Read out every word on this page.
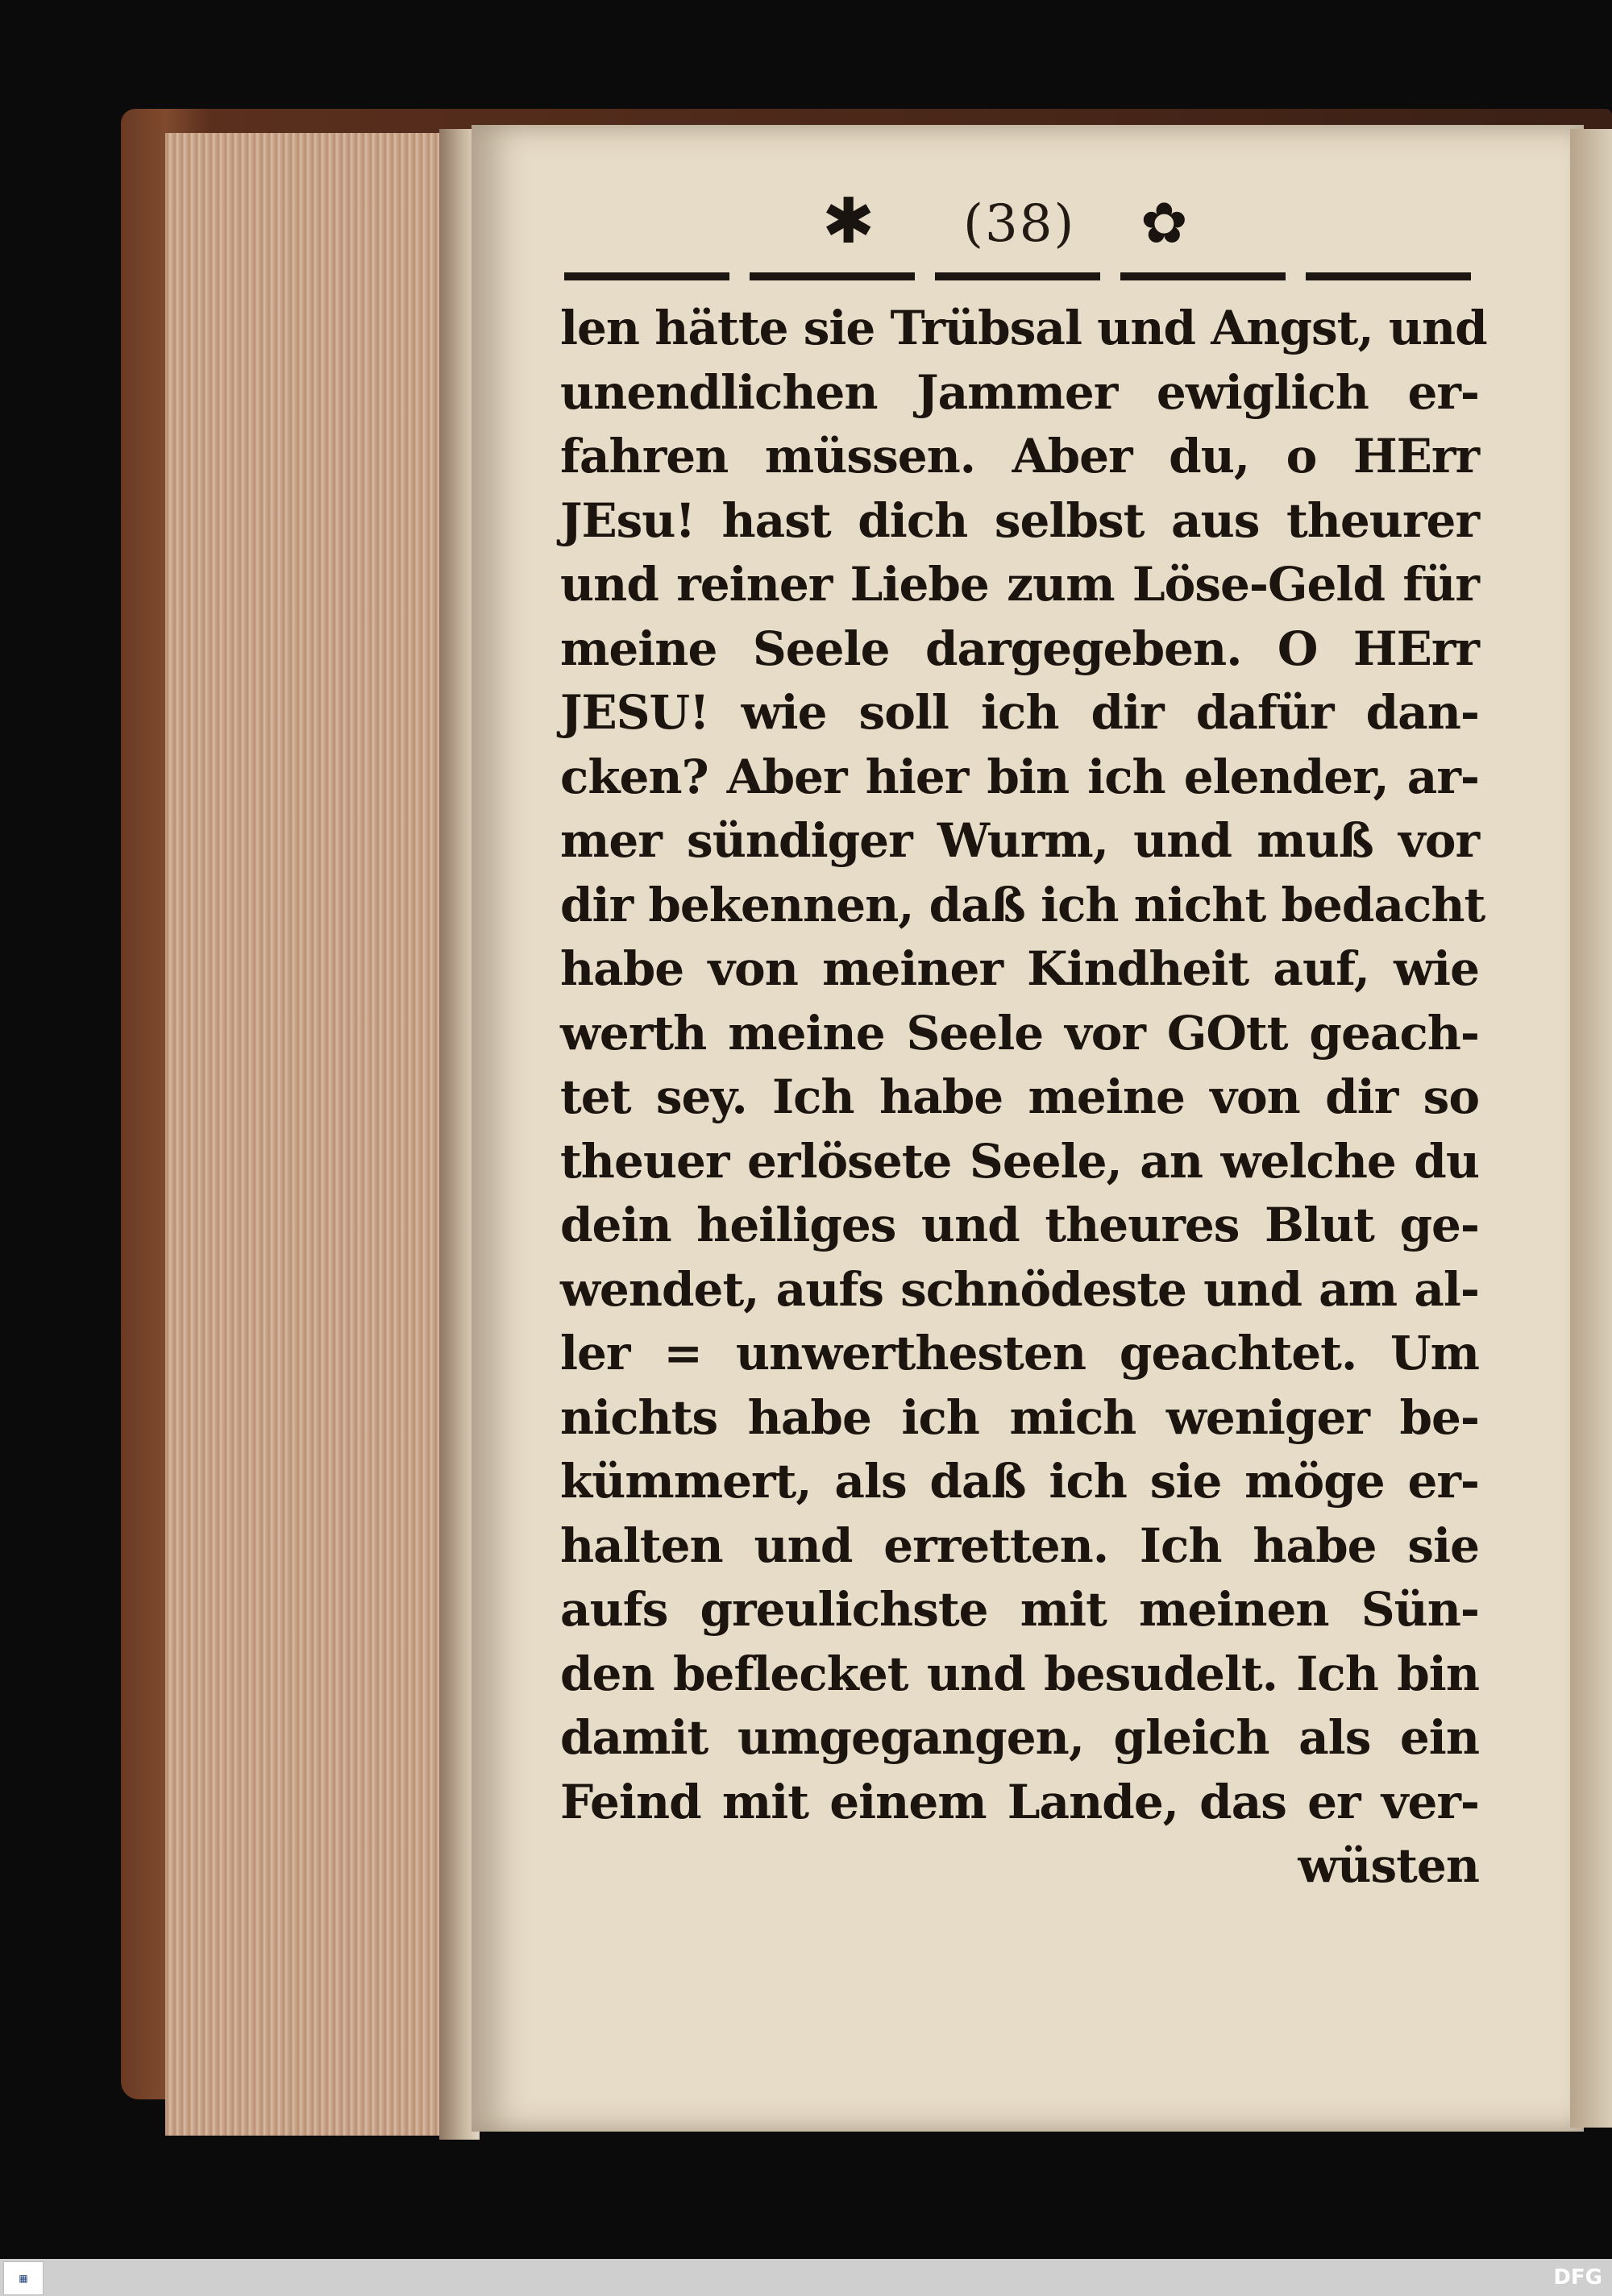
✱ (38) ✿
len hätte sie Trübsal und Angst, und
unendlichen Jammer ewiglich er-
fahren müssen. Aber du, o HErr
JEsu! hast dich selbst aus theurer
und reiner Liebe zum Löse-Geld für
meine Seele dargegeben. O HErr
JESU! wie soll ich dir dafür dan-
cken? Aber hier bin ich elender, ar-
mer sündiger Wurm, und muß vor
dir bekennen, daß ich nicht bedacht
habe von meiner Kindheit auf, wie
werth meine Seele vor GOtt geach-
tet sey. Ich habe meine von dir so
theuer erlösete Seele, an welche du
dein heiliges und theures Blut ge-
wendet, aufs schnödeste und am al-
ler = unwerthesten geachtet. Um
nichts habe ich mich weniger be-
kümmert, als daß ich sie möge er-
halten und erretten. Ich habe sie
aufs greulichste mit meinen Sün-
den beflecket und besudelt. Ich bin
damit umgegangen, gleich als ein
Feind mit einem Lande, das er ver-
wüsten
▦	DFG
